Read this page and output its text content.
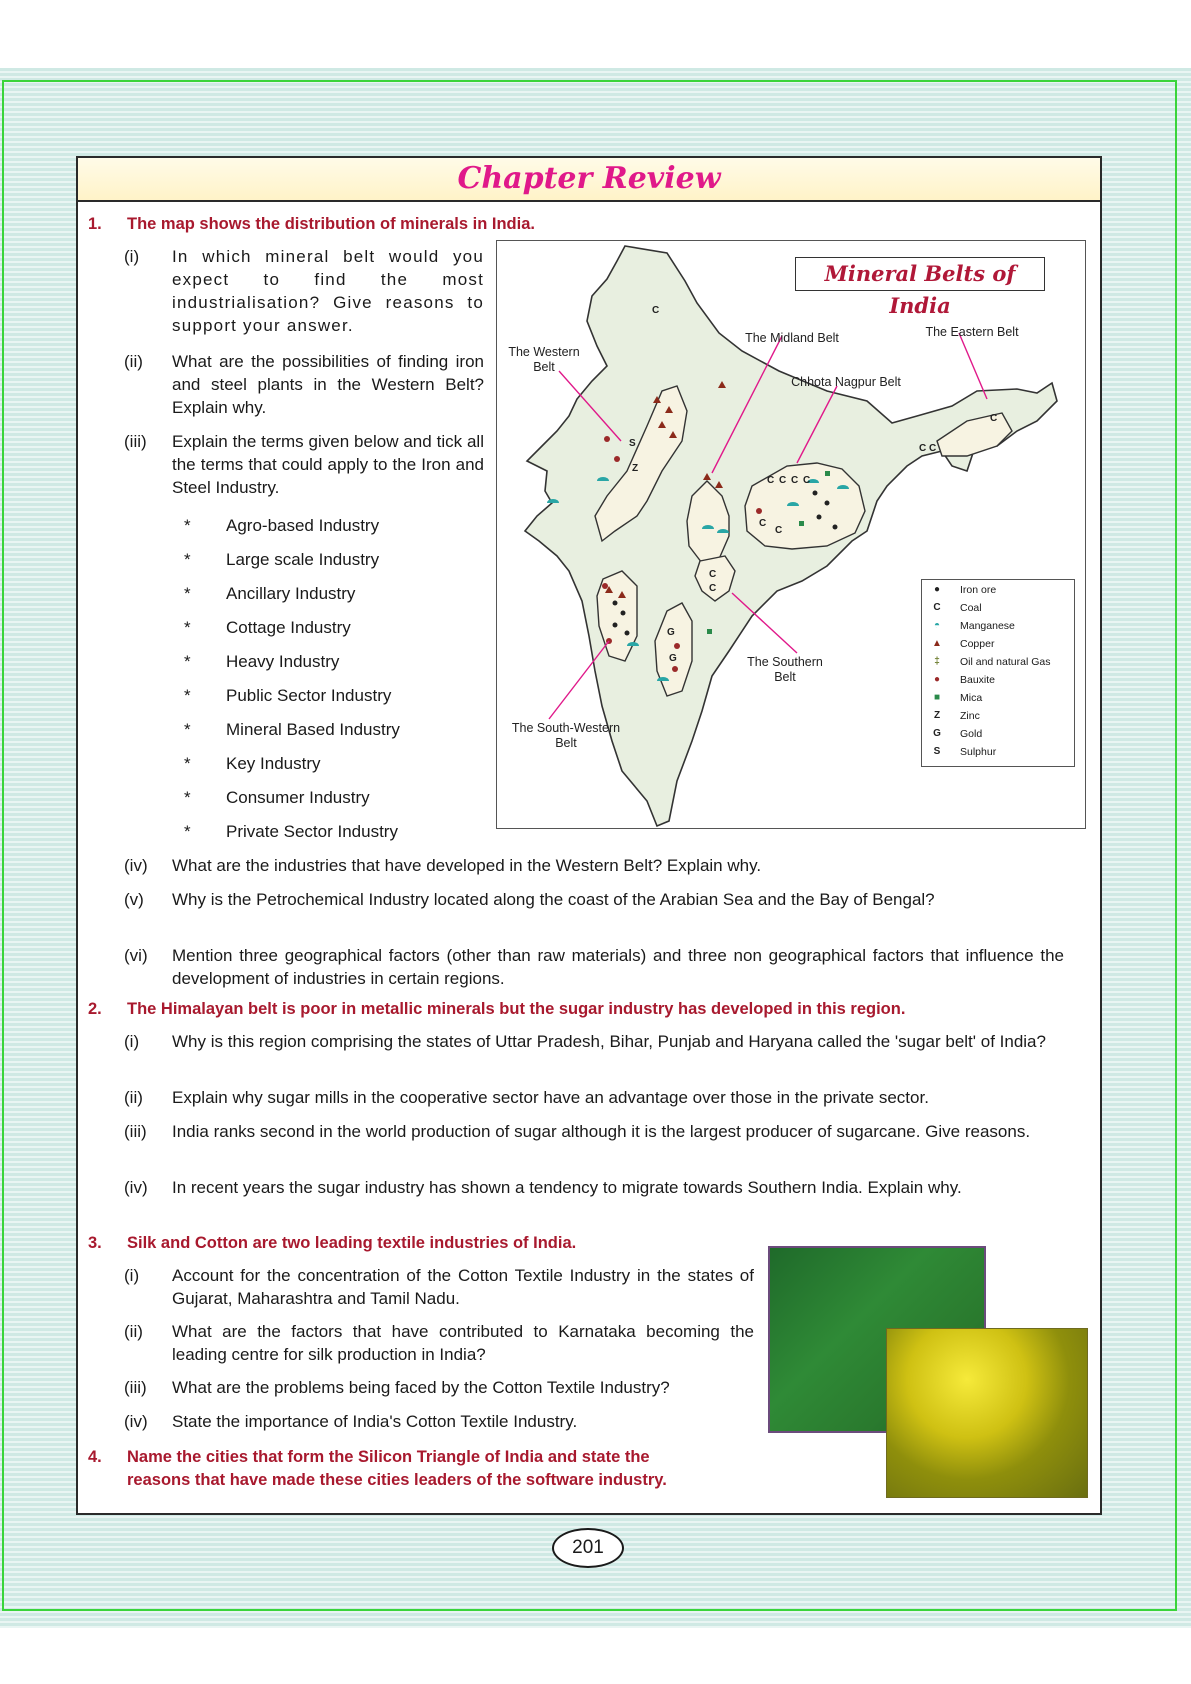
Chapter Review
1. The map shows the distribution of minerals in India.
(i) In which mineral belt would you expect to find the most industrialisation? Give reasons to support your answer.
(ii) What are the possibilities of finding iron and steel plants in the Western Belt? Explain why.
(iii) Explain the terms given below and tick all the terms that could apply to the Iron and Steel Industry.
* Agro-based Industry
* Large scale Industry
* Ancillary Industry
* Cottage Industry
* Heavy Industry
* Public Sector Industry
* Mineral Based Industry
* Key Industry
* Consumer Industry
* Private Sector Industry
C
C C C C
C
C
C
C
C C
C
Z
S
G
G
Mineral Belts of India
The Western
Belt
The Midland Belt	The Eastern Belt
Chhota Nagpur Belt
The Southern
Belt
The South-Western
Belt
●	Iron ore
C	Coal
◓	Manganese
▲ Copper
‡	Oil and natural Gas
●	Bauxite
■	Mica
Z	Zinc
G Gold
S	Sulphur
(iv) What are the industries that have developed in the Western Belt? Explain why.
(v) Why is the Petrochemical Industry located along the coast of the Arabian Sea and the Bay of Bengal?
(vi) Mention three geographical factors (other than raw materials) and three non geographical factors that influence the development of industries in certain regions.
2. The Himalayan belt is poor in metallic minerals but the sugar industry has developed in this region.
(i) Why is this region comprising the states of Uttar Pradesh, Bihar, Punjab and Haryana called the 'sugar belt' of India?
(ii) Explain why sugar mills in the cooperative sector have an advantage over those in the private sector.
(iii) India ranks second in the world production of sugar although it is the largest producer of sugarcane. Give reasons.
(iv) In recent years the sugar industry has shown a tendency to migrate towards Southern India. Explain why.
3. Silk and Cotton are two leading textile industries of India.
(i) Account for the concentration of the Cotton Textile Industry in the states of Gujarat, Maharashtra and Tamil Nadu.
(ii) What are the factors that have contributed to Karnataka becoming the leading centre for silk production in India?
(iii) What are the problems being faced by the Cotton Textile Industry?
(iv) State the importance of India's Cotton Textile Industry.
4. Name the cities that form the Silicon Triangle of India and state the
reasons that have made these cities leaders of the software industry.
201
